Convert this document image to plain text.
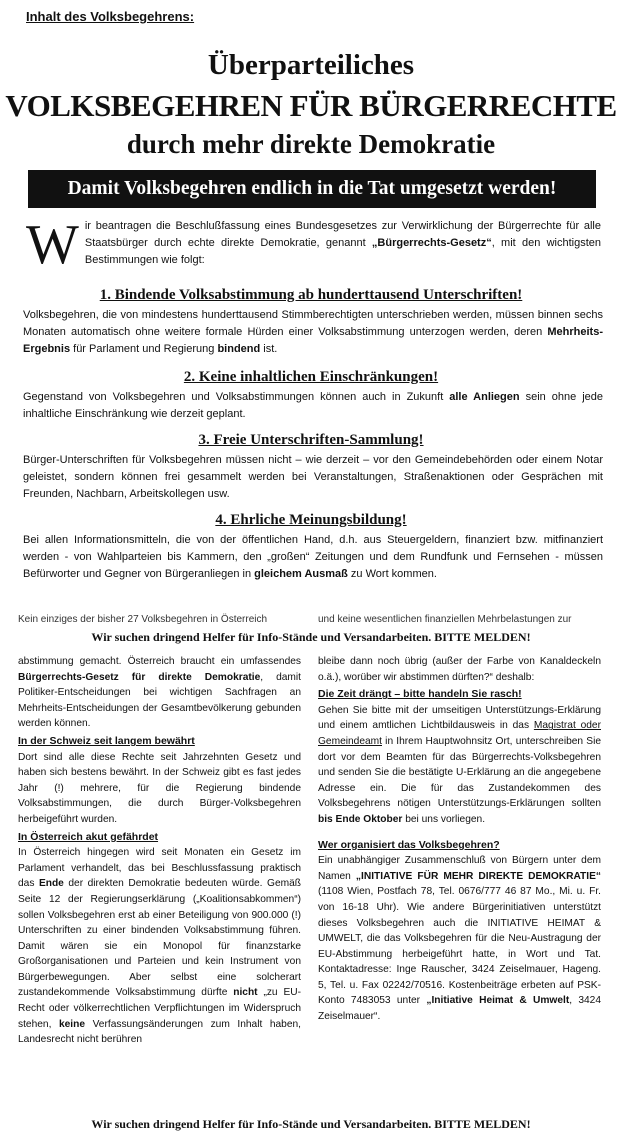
Inhalt des Volksbegehrens:
Überparteiliches
VOLKSBEGEHREN FÜR BÜRGERRECHTE
durch mehr direkte Demokratie
Damit Volksbegehren endlich in die Tat umgesetzt werden!
Wir beantragen die Beschlußfassung eines Bundesgesetzes zur Verwirklichung der Bürgerrechte für alle Staatsbürger durch echte direkte Demokratie, genannt „Bürgerrechts-Gesetz“, mit den wichtigsten Bestimmungen wie folgt:
1. Bindende Volksabstimmung ab hunderttausend Unterschriften!
Volksbegehren, die von mindestens hunderttausend Stimmberechtigten unterschrieben werden, müssen binnen sechs Monaten automatisch ohne weitere formale Hürden einer Volksabstimmung unterzogen werden, deren Mehrheits-Ergebnis für Parlament und Regierung bindend ist.
2. Keine inhaltlichen Einschränkungen!
Gegenstand von Volksbegehren und Volksabstimmungen können auch in Zukunft alle Anliegen sein ohne jede inhaltliche Einschränkung wie derzeit geplant.
3. Freie Unterschriften-Sammlung!
Bürger-Unterschriften für Volksbegehren müssen nicht – wie derzeit – vor den Gemeindebehörden oder einem Notar geleistet, sondern können frei gesammelt werden bei Veranstaltungen, Straßenaktionen oder Gesprächen mit Freunden, Nachbarn, Arbeitskollegen usw.
4. Ehrliche Meinungsbildung!
Bei allen Informationsmitteln, die von der öffentlichen Hand, d.h. aus Steuergeldern, finanziert bzw. mitfinanziert werden - von Wahlparteien bis Kammern, den „großen“ Zeitungen und dem Rundfunk und Fernsehen - müssen Befürworter und Gegner von Bürgeranliegen in gleichem Ausmaß zu Wort kommen.
Kein einziges der bisher 27 Volksbegehren in Österreich	und keine wesentlichen finanziellen Mehrbelastungen zur
Wir suchen dringend Helfer für Info-Stände und Versandarbeiten. BITTE MELDEN!

abstimmung gemacht. Österreich braucht ein umfassendes Bürgerrechts-Gesetz für direkte Demokratie, damit Politiker-Entscheidungen bei wichtigen Sachfragen an Mehrheits-Entscheidungen der Gesamtbevölkerung gebunden werden können.

In der Schweiz seit langem bewährt

Dort sind alle diese Rechte seit Jahrzehnten Gesetz und haben sich bestens bewährt. In der Schweiz gibt es fast jedes Jahr (!) mehrere, für die Regierung bindende Volksabstimmungen, die durch Bürger-Volksbegehren herbeigeführt wurden.

In Österreich akut gefährdet

In Österreich hingegen wird seit Monaten ein Gesetz im Parlament verhandelt, das bei Beschlussfassung praktisch das Ende der direkten Demokratie bedeuten würde. Gemäß Seite 12 der Regierungserklärung („Koalitionsabkommen“) sollen Volksbegehren erst ab einer Beteiligung von 900.000 (!) Unterschriften zu einer bindenden Volksabstimmung führen. Damit wären sie ein Monopol für finanzstarke Großorganisationen und Parteien und kein Instrument von Bürgerbewegungen. Aber selbst eine solcherart zustandekommende Volksabstimmung dürfte nicht „zu EU-Recht oder völkerrechtlichen Verpflichtungen im Widerspruch stehen, keine Verfassungsänderungen zum Inhalt haben, Landesrecht nicht berühren

bleibe dann noch übrig (außer der Farbe von Kanaldeckeln o.ä.), worüber wir abstimmen dürften?“ deshalb:

Die Zeit drängt – bitte handeln Sie rasch!

Gehen Sie bitte mit der umseitigen Unterstützungs-Erklärung und einem amtlichen Lichtbildausweis in das Magistrat oder Gemeindeamt in Ihrem Hauptwohnsitz Ort, unterschreiben Sie dort vor dem Beamten für das Bürgerrechts-Volksbegehren und senden Sie die bestätigte U-Erklärung an die angegebene Adresse ein. Die für das Zustandekommen des Volksbegehrens nötigen Unterstützungs-Erklärungen sollten bis Ende Oktober bei uns vorliegen.

Wer organisiert das Volksbegehren?

Ein unabhängiger Zusammenschluß von Bürgern unter dem Namen „INITIATIVE FÜR MEHR DIREKTE DEMOKRATIE“ (1108 Wien, Postfach 78, Tel. 0676/777 46 87 Mo., Mi. u. Fr. von 16-18 Uhr). Wie andere Bürgerinitiativen unterstützt dieses Volksbegehren auch die INITIATIVE HEIMAT & UMWELT, die das Volksbegehren für die Neu-Austragung der EU-Abstimmung herbeigeführt hatte, in Wort und Tat. Kontaktadresse: Inge Rauscher, 3424 Zeiselmauer, Hageng. 5, Tel. u. Fax 02242/70516. Kostenbeiträge erbeten auf PSK-Konto 7483053 unter „Initiative Heimat & Umwelt, 3424 Zeiselmauer“.

Wir suchen dringend Helfer für Info-Stände und Versandarbeiten. BITTE MELDEN!
